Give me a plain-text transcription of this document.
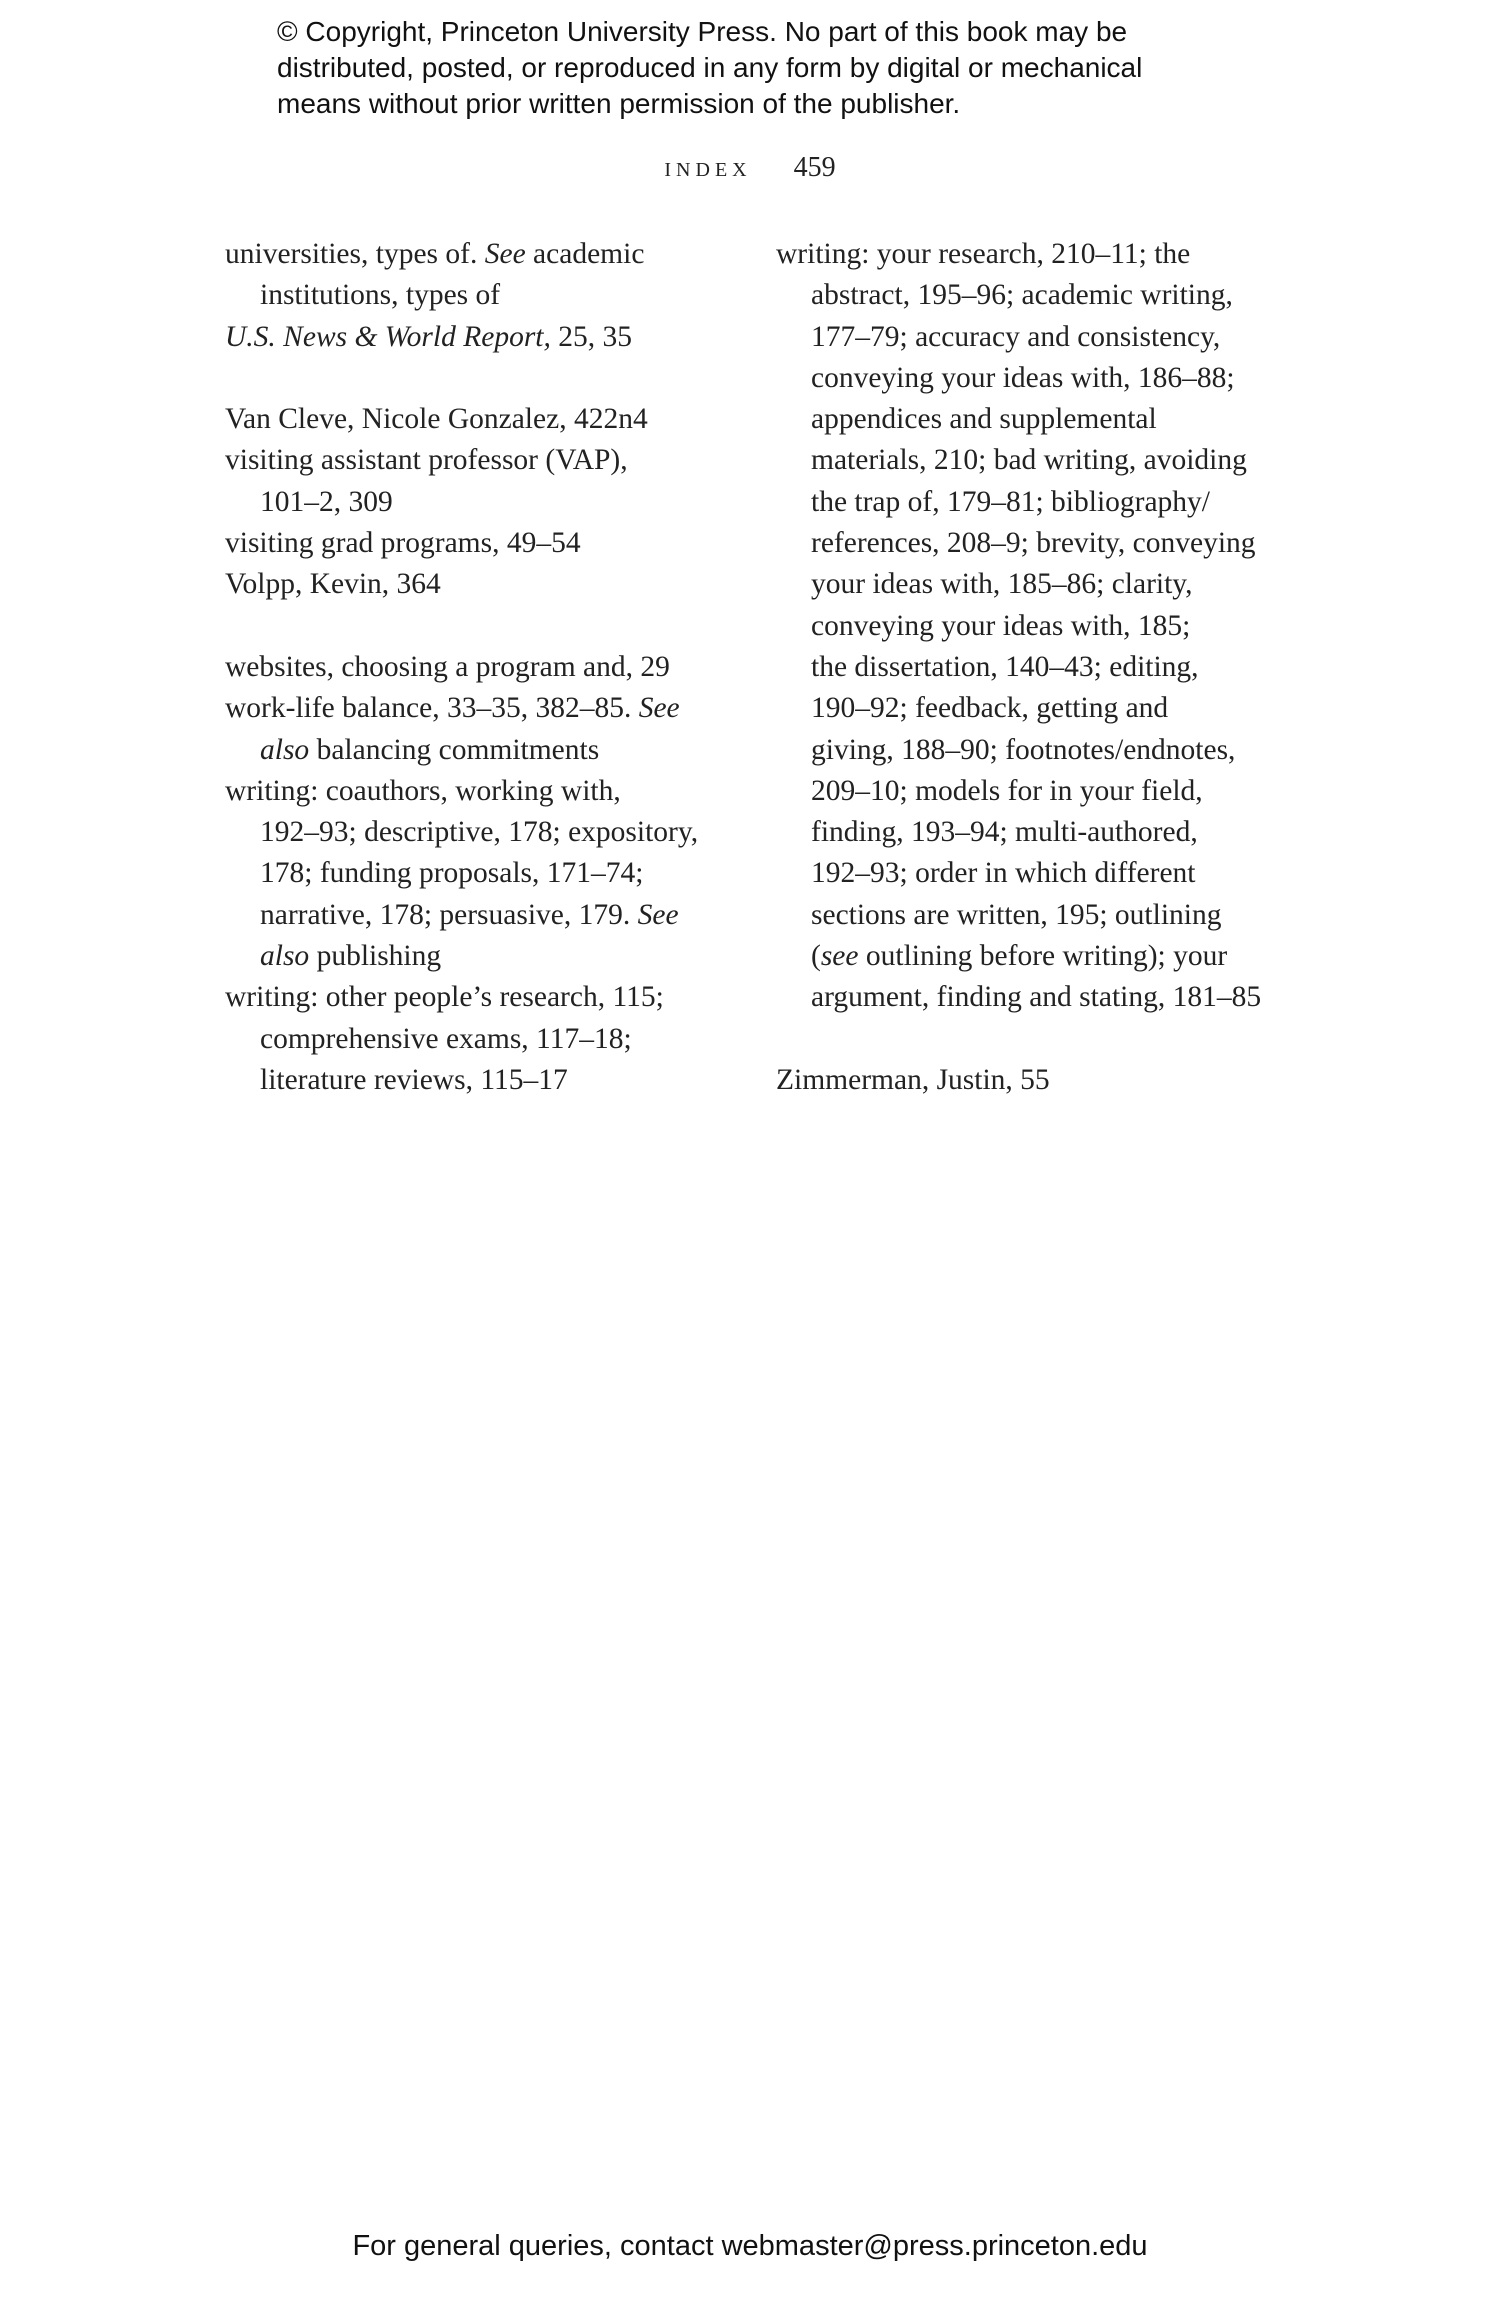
© Copyright, Princeton University Press. No part of this book may be
distributed, posted, or reproduced in any form by digital or mechanical
means without prior written permission of the publisher.
INDEX 459
universities, types of. See academic
institutions, types of
U.S. News & World Report, 25, 35
Van Cleve, Nicole Gonzalez, 422n4
visiting assistant professor (VAP),
101–2, 309
visiting grad programs, 49–54
Volpp, Kevin, 364
websites, choosing a program and, 29
work-life balance, 33–35, 382–85. See
also balancing commitments
writing: coauthors, working with,
192–93; descriptive, 178; expository,
178; funding proposals, 171–74;
narrative, 178; persuasive, 179. See
also publishing
writing: other people’s research, 115;
comprehensive exams, 117–18;
literature reviews, 115–17
writing: your research, 210–11; the
abstract, 195–96; academic writing,
177–79; accuracy and consistency,
conveying your ideas with, 186–88;
appendices and supplemental
materials, 210; bad writing, avoiding
the trap of, 179–81; bibliography/
references, 208–9; brevity, conveying
your ideas with, 185–86; clarity,
conveying your ideas with, 185;
the dissertation, 140–43; editing,
190–92; feedback, getting and
giving, 188–90; footnotes/endnotes,
209–10; models for in your field,
finding, 193–94; multi-authored,
192–93; order in which different
sections are written, 195; outlining
(see outlining before writing); your
argument, finding and stating, 181–85
Zimmerman, Justin, 55
For general queries, contact webmaster@press.princeton.edu
